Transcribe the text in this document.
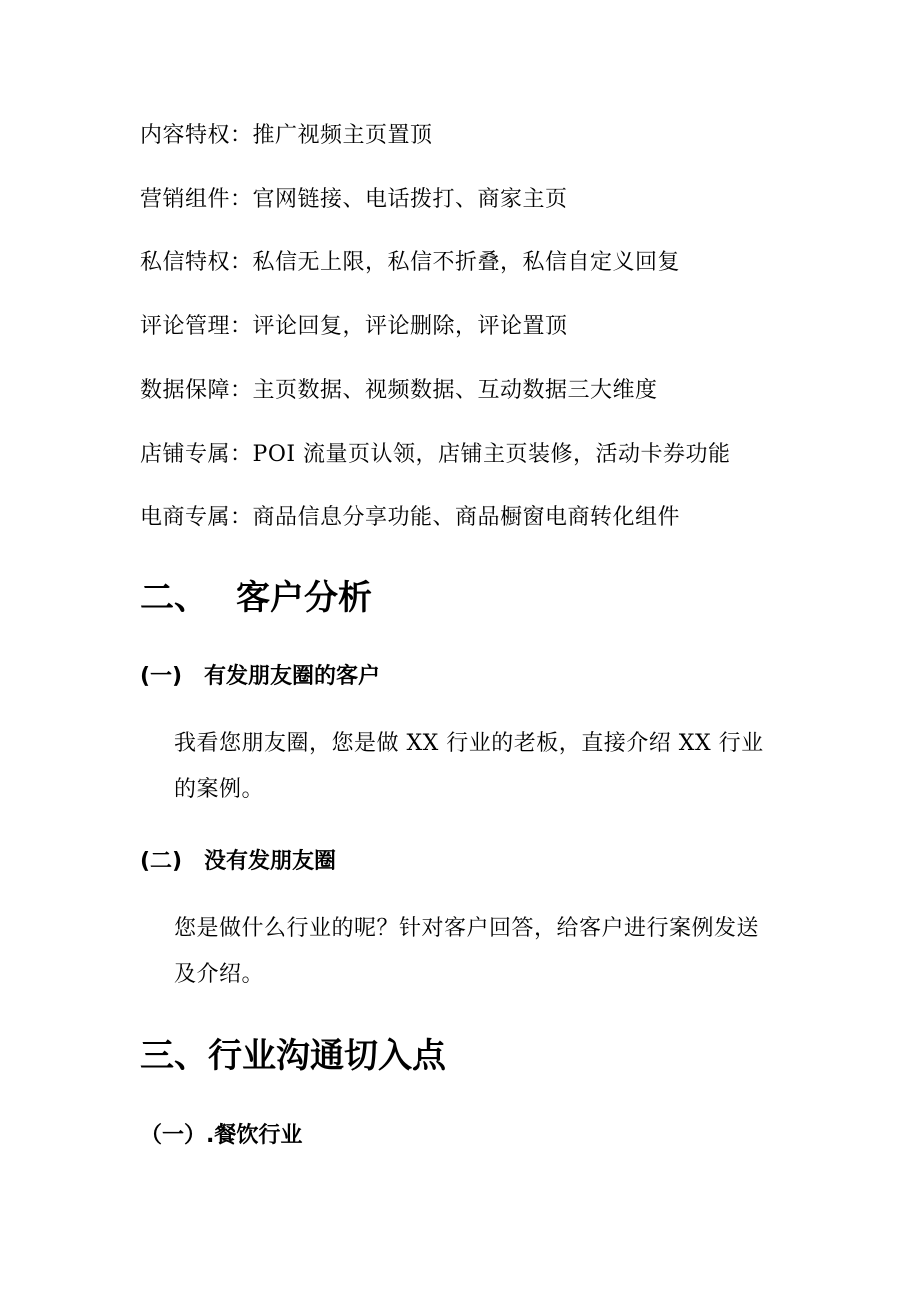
内容特权：推广视频主页置顶
营销组件：官网链接、电话拨打、商家主页
私信特权：私信无上限，私信不折叠，私信自定义回复
评论管理：评论回复，评论删除，评论置顶
数据保障：主页数据、视频数据、互动数据三大维度
店铺专属：POI 流量页认领，店铺主页装修，活动卡券功能
电商专属：商品信息分享功能、商品橱窗电商转化组件
二、 客户分析
(一) 有发朋友圈的客户
我看您朋友圈，您是做 XX 行业的老板，直接介绍 XX 行业的案例。
(二) 没有发朋友圈
您是做什么行业的呢？针对客户回答，给客户进行案例发送及介绍。
三、行业沟通切入点
（一）.餐饮行业
